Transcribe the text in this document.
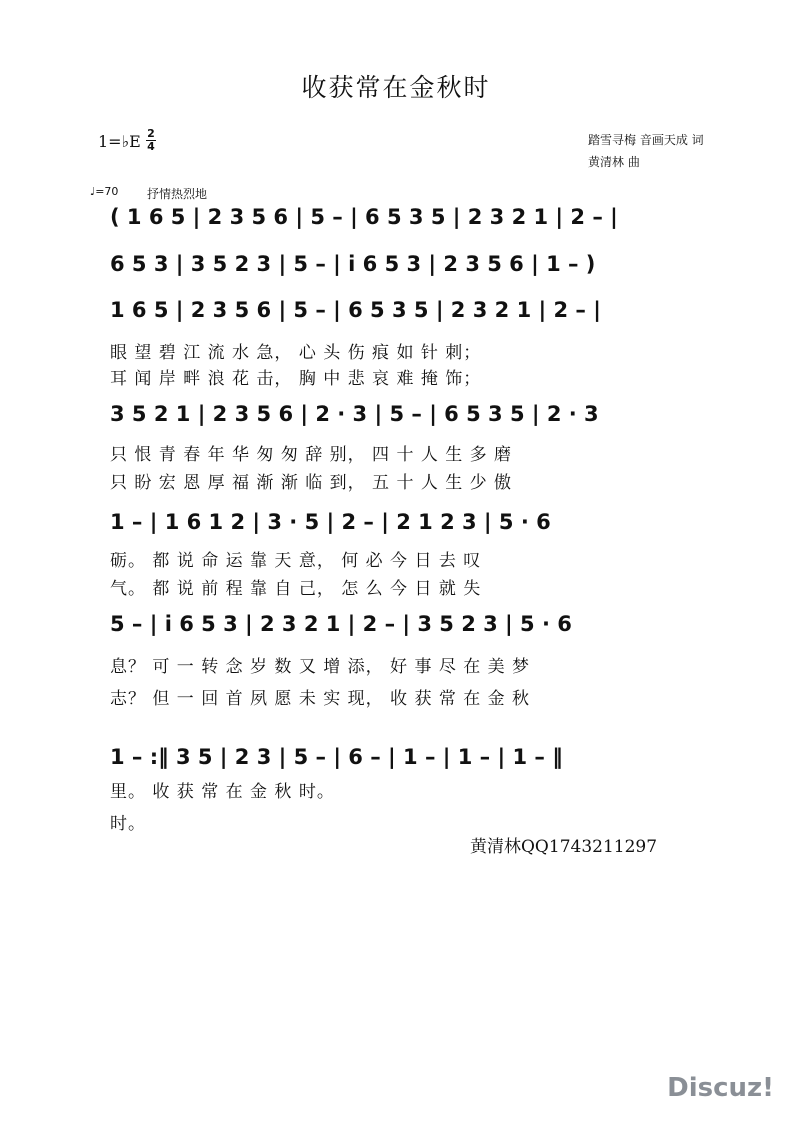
收获常在金秋时
1=♭E 2
4	踏雪寻梅 音画天成 词
黄清林 曲
♩=70 抒情热烈地
( 1 6 5 | 2 3 5 6 | 5 – | 6 5 3 5 | 2 3 2 1 | 2 – |
6 5 3 | 3 5 2 3 | 5 – | i 6 5 3 | 2 3 5 6 | 1 – )
1 6 5 | 2 3 5 6 | 5 – | 6 5 3 5 | 2 3 2 1 | 2 – |
眼 望 碧 江 流 水 急， 心 头 伤 痕 如 针 刺；
耳 闻 岸 畔 浪 花 击， 胸 中 悲 哀 难 掩 饰；
3 5 2 1 | 2 3 5 6 | 2 · 3 | 5 – | 6 5 3 5 | 2 · 3
只 恨 青 春 年 华 匆 匆 辞 别， 四 十 人 生 多 磨
只 盼 宏 恩 厚 福 渐 渐 临 到， 五 十 人 生 少 傲
1 – | 1 6 1 2 | 3 · 5 | 2 – | 2 1 2 3 | 5 · 6
砺。 都 说 命 运 靠 天 意， 何 必 今 日 去 叹
气。 都 说 前 程 靠 自 己， 怎 么 今 日 就 失
5 – | i 6 5 3 | 2 3 2 1 | 2 – | 3 5 2 3 | 5 · 6
息？ 可 一 转 念 岁 数 又 增 添， 好 事 尽 在 美 梦
志？ 但 一 回 首 夙 愿 未 实 现， 收 获 常 在 金 秋
1 – :‖ 3 5 | 2 3 | 5 – | 6 – | 1 – | 1 – | 1 – ‖
里。 收 获 常 在 金 秋 时。
时。
黄清林QQ1743211297
Discuz!
